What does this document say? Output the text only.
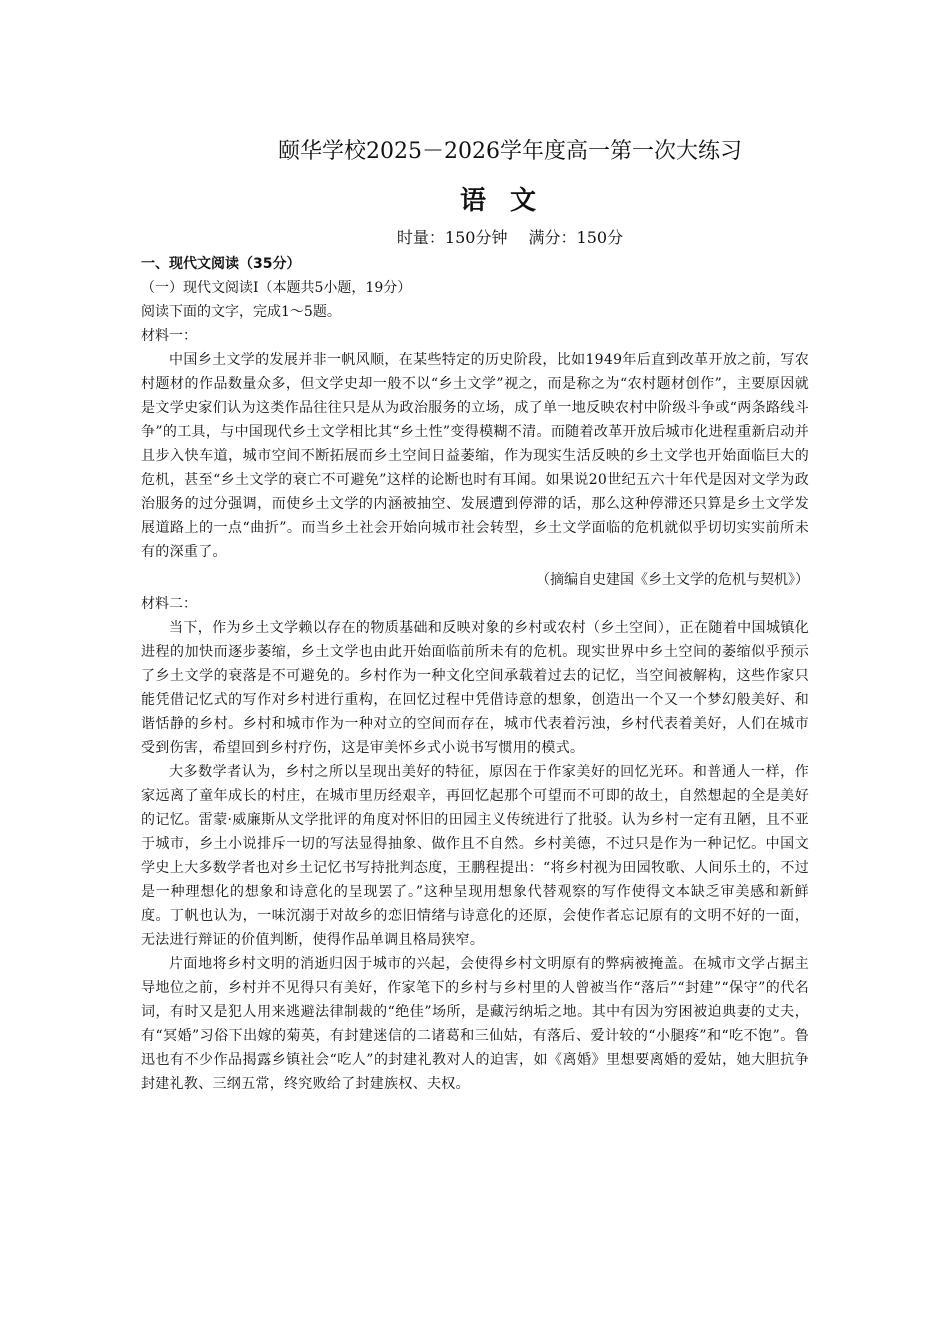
颐华学校2025－2026学年度高一第一次大练习
语文
时量：150分钟 满分：150分

一、现代文阅读（35分）

（一）现代文阅读Ⅰ（本题共5小题，19分）

阅读下面的文字，完成1～5题。

材料一：

中国乡土文学的发展并非一帆风顺，在某些特定的历史阶段，比如1949年后直到改革开放之前，写农村题材的作品数量众多，但文学史却一般不以“乡土文学”视之，而是称之为“农村题材创作”，主要原因就是文学史家们认为这类作品往往只是从为政治服务的立场，成了单一地反映农村中阶级斗争或“两条路线斗争”的工具，与中国现代乡土文学相比其“乡土性”变得模糊不清。而随着改革开放后城市化进程重新启动并且步入快车道，城市空间不断拓展而乡土空间日益萎缩，作为现实生活反映的乡土文学也开始面临巨大的危机，甚至“乡土文学的衰亡不可避免”这样的论断也时有耳闻。如果说20世纪五六十年代是因对文学为政治服务的过分强调，而使乡土文学的内涵被抽空、发展遭到停滞的话，那么这种停滞还只算是乡土文学发展道路上的一点“曲折”。而当乡土社会开始向城市社会转型，乡土文学面临的危机就似乎切切实实前所未有的深重了。

（摘编自史建国《乡土文学的危机与契机》）

材料二：

当下，作为乡土文学赖以存在的物质基础和反映对象的乡村或农村（乡土空间），正在随着中国城镇化进程的加快而逐步萎缩，乡土文学也由此开始面临前所未有的危机。现实世界中乡土空间的萎缩似乎预示了乡土文学的衰落是不可避免的。乡村作为一种文化空间承载着过去的记忆，当空间被解构，这些作家只能凭借记忆式的写作对乡村进行重构，在回忆过程中凭借诗意的想象，创造出一个又一个梦幻般美好、和谐恬静的乡村。乡村和城市作为一种对立的空间而存在，城市代表着污浊，乡村代表着美好，人们在城市受到伤害，希望回到乡村疗伤，这是审美怀乡式小说书写惯用的模式。

大多数学者认为，乡村之所以呈现出美好的特征，原因在于作家美好的回忆光环。和普通人一样，作家远离了童年成长的村庄，在城市里历经艰辛，再回忆起那个可望而不可即的故土，自然想起的全是美好的记忆。雷蒙·威廉斯从文学批评的角度对怀旧的田园主义传统进行了批驳。认为乡村一定有丑陋，且不亚于城市，乡土小说排斥一切的写法显得抽象、做作且不自然。乡村美德，不过只是作为一种记忆。中国文学史上大多数学者也对乡土记忆书写持批判态度，王鹏程提出：“将乡村视为田园牧歌、人间乐土的，不过是一种理想化的想象和诗意化的呈现罢了。”这种呈现用想象代替观察的写作使得文本缺乏审美感和新鲜度。丁帆也认为，一味沉溺于对故乡的恋旧情绪与诗意化的还原，会使作者忘记原有的文明不好的一面，无法进行辩证的价值判断，使得作品单调且格局狭窄。

片面地将乡村文明的消逝归因于城市的兴起，会使得乡村文明原有的弊病被掩盖。在城市文学占据主导地位之前，乡村并不见得只有美好，作家笔下的乡村与乡村里的人曾被当作“落后”“封建”“保守”的代名词，有时又是犯人用来逃避法律制裁的“绝佳”场所，是藏污纳垢之地。其中有因为穷困被迫典妻的丈夫，有“冥婚”习俗下出嫁的菊英，有封建迷信的二诸葛和三仙姑，有落后、爱计较的“小腿疼”和“吃不饱”。鲁迅也有不少作品揭露乡镇社会“吃人”的封建礼教对人的迫害，如《离婚》里想要离婚的爱姑，她大胆抗争封建礼教、三纲五常，终究败给了封建族权、夫权。
